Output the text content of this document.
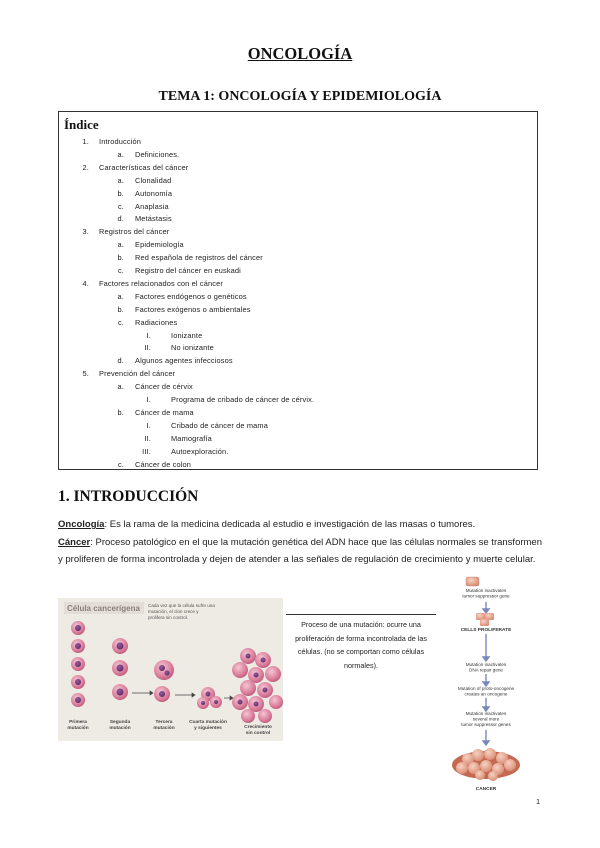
ONCOLOGÍA
TEMA 1: ONCOLOGÍA Y EPIDEMIOLOGÍA
Índice
1. Introducción
a. Definiciones.
2. Características del cáncer
a. Clonalidad
b. Autonomía
c. Anaplasia
d. Metástasis
3. Registros del cáncer
a. Epidemiología
b. Red española de registros del cáncer
c. Registro del cáncer en euskadi
4. Factores relacionados con el cáncer
a. Factores endógenos o genéticos
b. Factores exógenos o ambientales
c. Radiaciones
I.	Ionizante
II.	No ionizante
d. Algunos agentes infecciosos
5. Prevención del cáncer
a. Cáncer de cérvix
I.	Programa de cribado de cáncer de cérvix.
b. Cáncer de mama
I.	Cribado de cáncer de mama
II.	Mamografía
III.	Autoexploración.
c. Cáncer de colon
1. INTRODUCCIÓN
Oncología: Es la rama de la medicina dedicada al estudio e investigación de las masas o tumores.
Cáncer: Proceso patológico en el que la mutación genética del ADN hace que las células normales se transformen y proliferen de forma incontrolada y dejen de atender a las señales de regulación de crecimiento y muerte celular.
Célula cancerígena Cada vez que la célula sufre una mutación, el clon crece y prolifera sin control.
Primera mutación
Segunda mutación
Tercera mutación
Cuarta mutación y siguientes	Crecimiento sin control
Proceso de una mutación: ocurre una proliferación de forma incontrolada de las células. (no se comportan como células normales).
Mutation inactivates tumor suppressor gene
CELLS PROLIFERATE
Mutation inactivates DNA repair gene
Mutation of proto-oncogene creates an oncogene
Mutation inactivates several more tumor suppressor genes
CANCER
1
